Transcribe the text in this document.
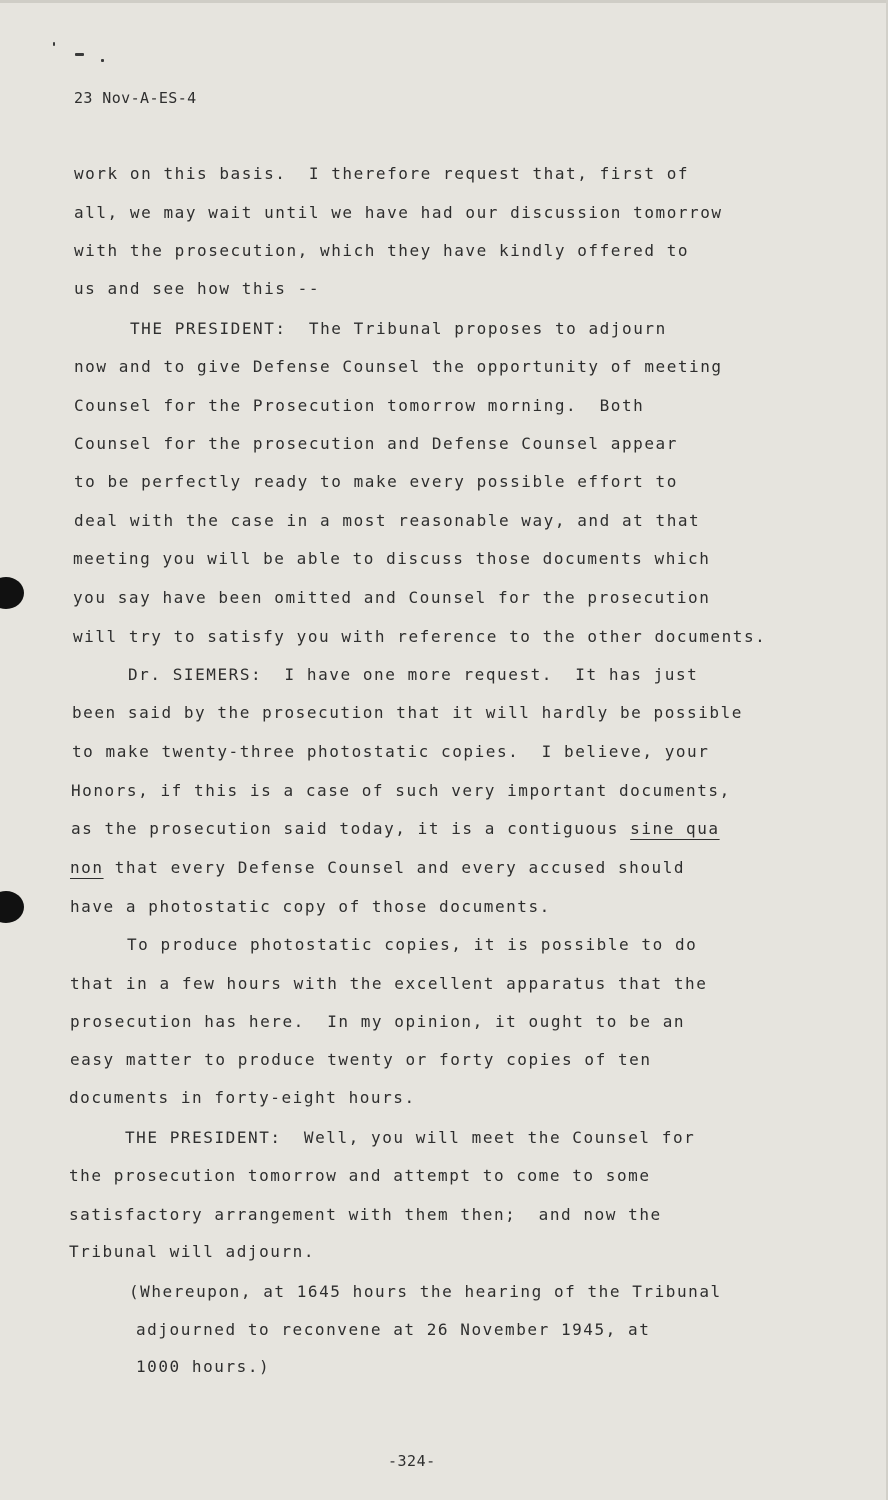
23 Nov-A-ES-4
work on this basis.  I therefore request that, first of
all, we may wait until we have had our discussion tomorrow
with the prosecution, which they have kindly offered to
us and see how this --
THE PRESIDENT:  The Tribunal proposes to adjourn
now and to give Defense Counsel the opportunity of meeting
Counsel for the Prosecution tomorrow morning.  Both
Counsel for the prosecution and Defense Counsel appear
to be perfectly ready to make every possible effort to
deal with the case in a most reasonable way, and at that
meeting you will be able to discuss those documents which
you say have been omitted and Counsel for the prosecution
will try to satisfy you with reference to the other documents.
Dr. SIEMERS:  I have one more request.  It has just
been said by the prosecution that it will hardly be possible
to make twenty-three photostatic copies.  I believe, your
Honors, if this is a case of such very important documents,
as the prosecution said today, it is a contiguous sine qua
non that every Defense Counsel and every accused should
have a photostatic copy of those documents.
To produce photostatic copies, it is possible to do
that in a few hours with the excellent apparatus that the
prosecution has here.  In my opinion, it ought to be an
easy matter to produce twenty or forty copies of ten
documents in forty-eight hours.
THE PRESIDENT:  Well, you will meet the Counsel for
the prosecution tomorrow and attempt to come to some
satisfactory arrangement with them then;  and now the
Tribunal will adjourn.
(Whereupon, at 1645 hours the hearing of the Tribunal
adjourned to reconvene at 26 November 1945, at
1000 hours.)
-324-
